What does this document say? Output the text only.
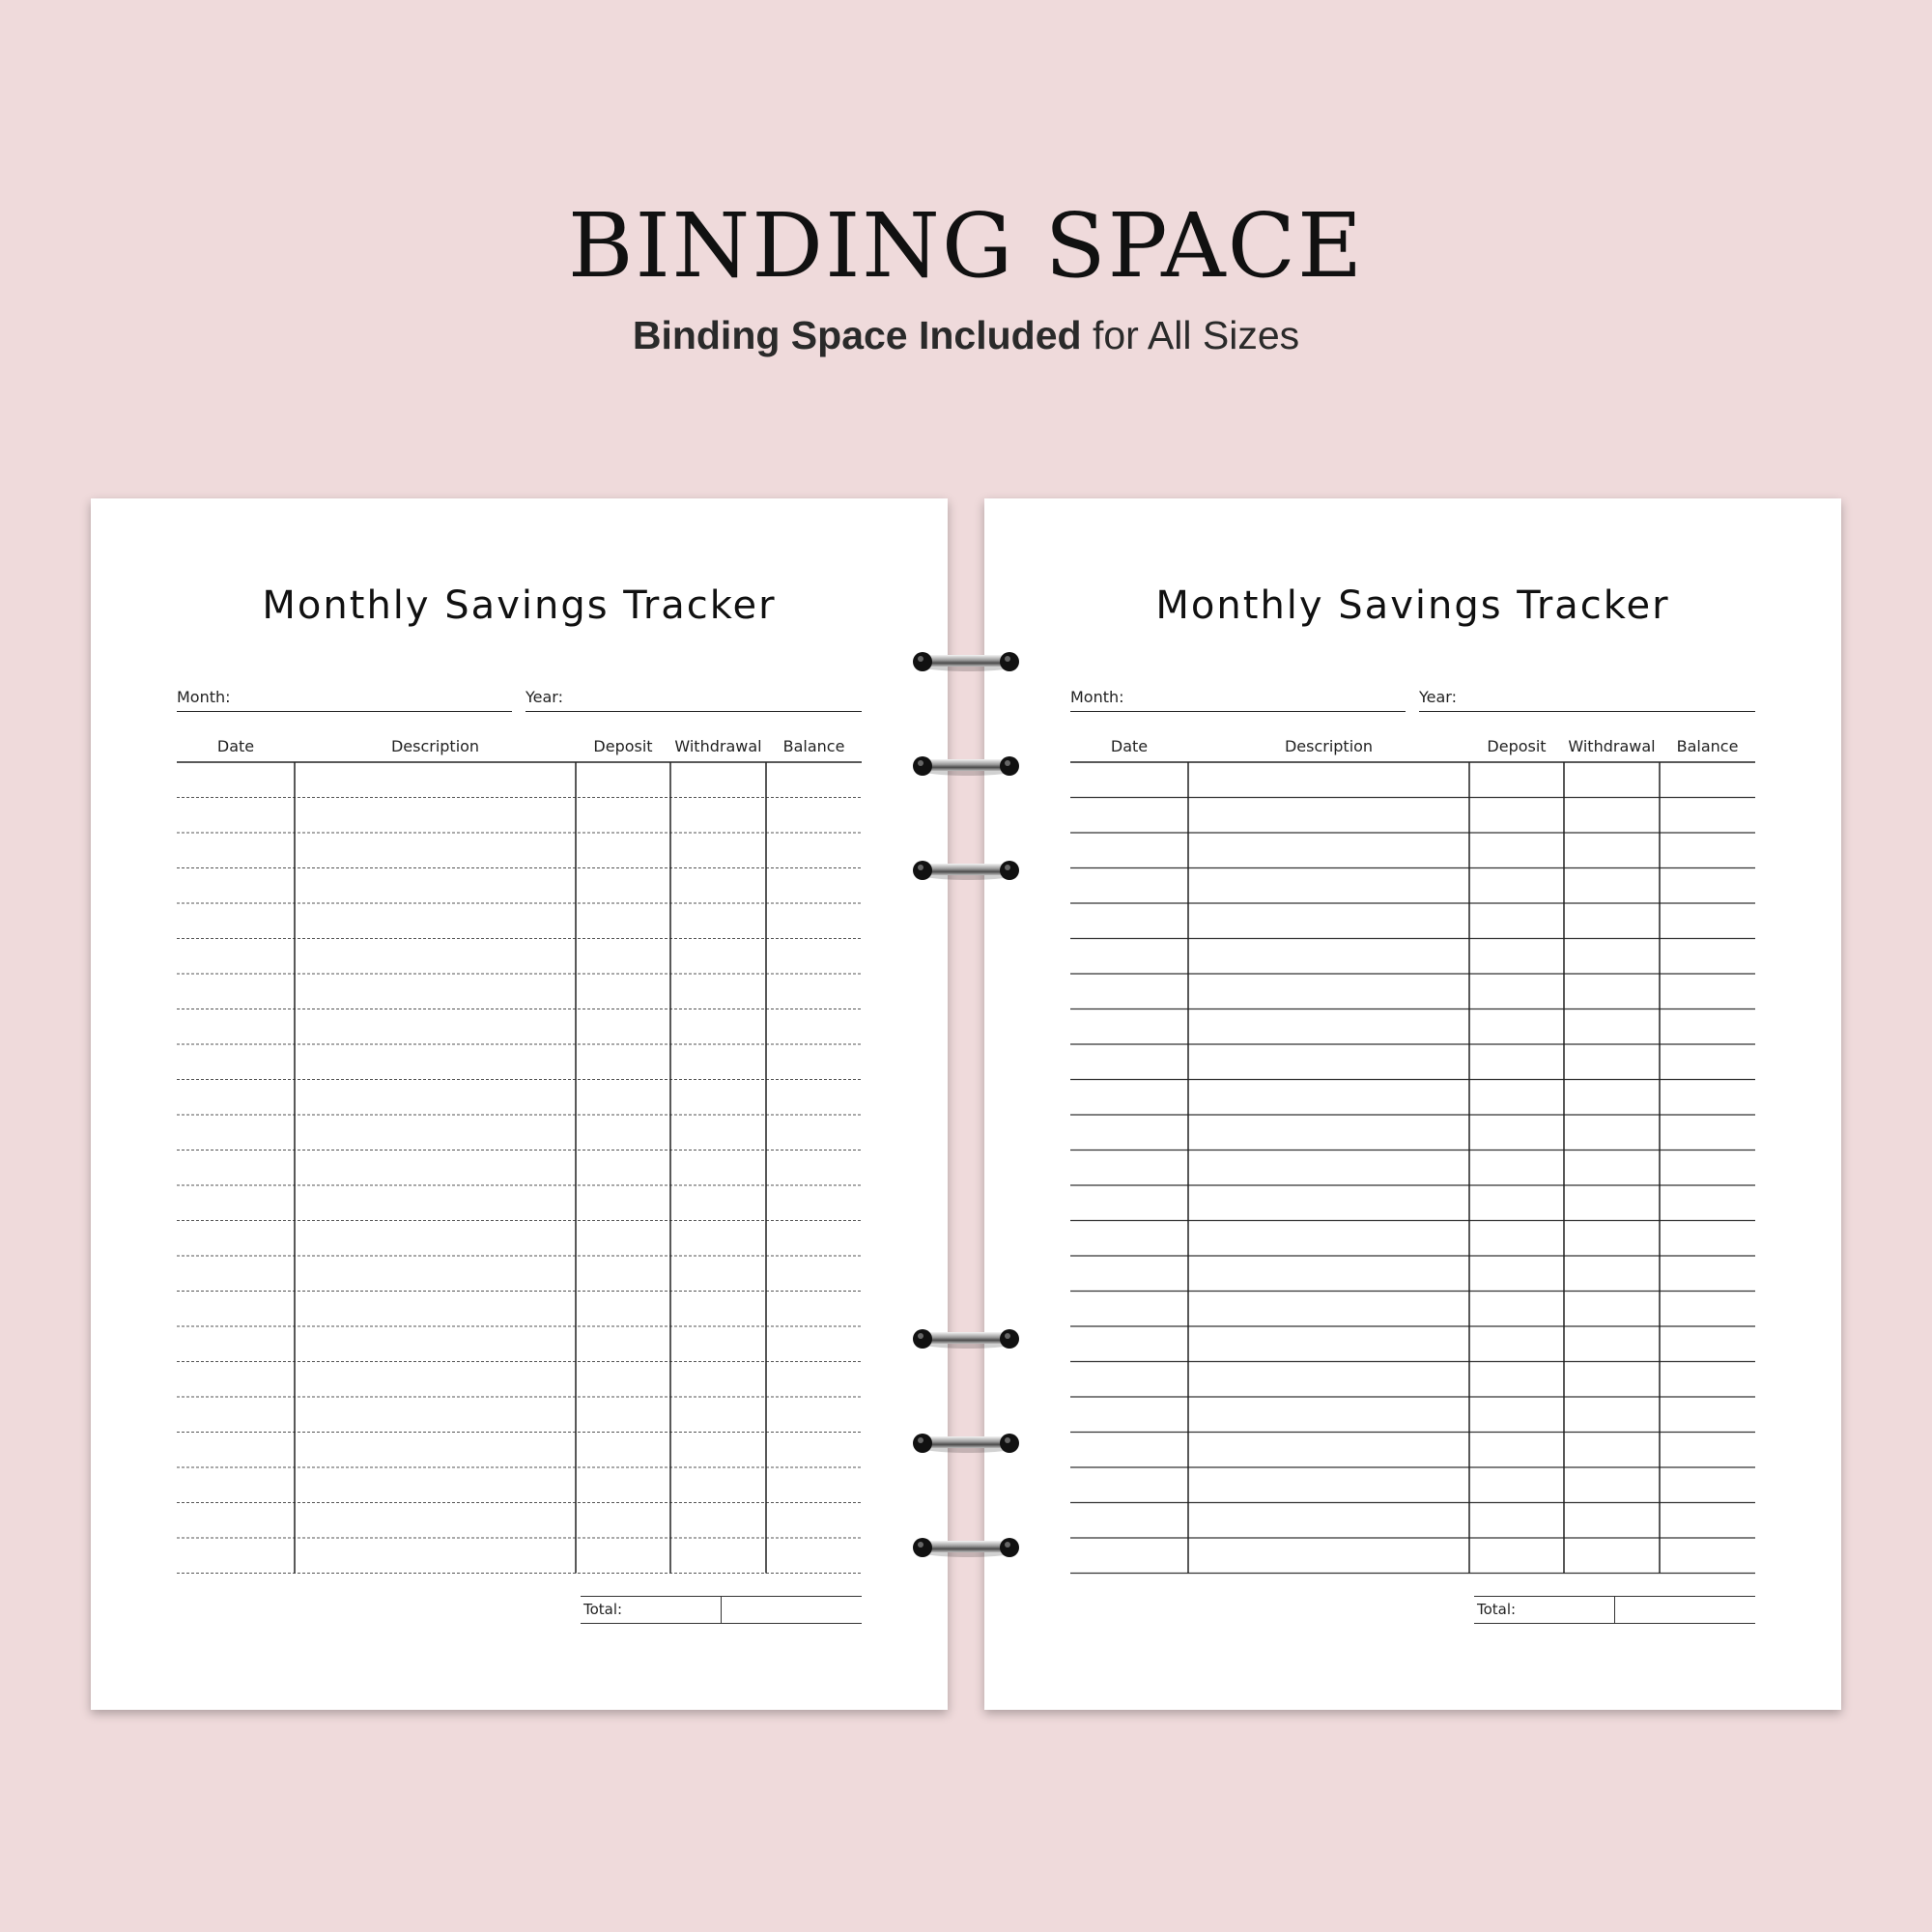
BINDING SPACE
Binding Space Included for All Sizes
Monthly Savings Tracker
Month:	Year:
Date	Description	Deposit	Withdrawal	Balance
Total:
Monthly Savings Tracker
Month:	Year:
Date	Description	Deposit	Withdrawal	Balance
Total:
